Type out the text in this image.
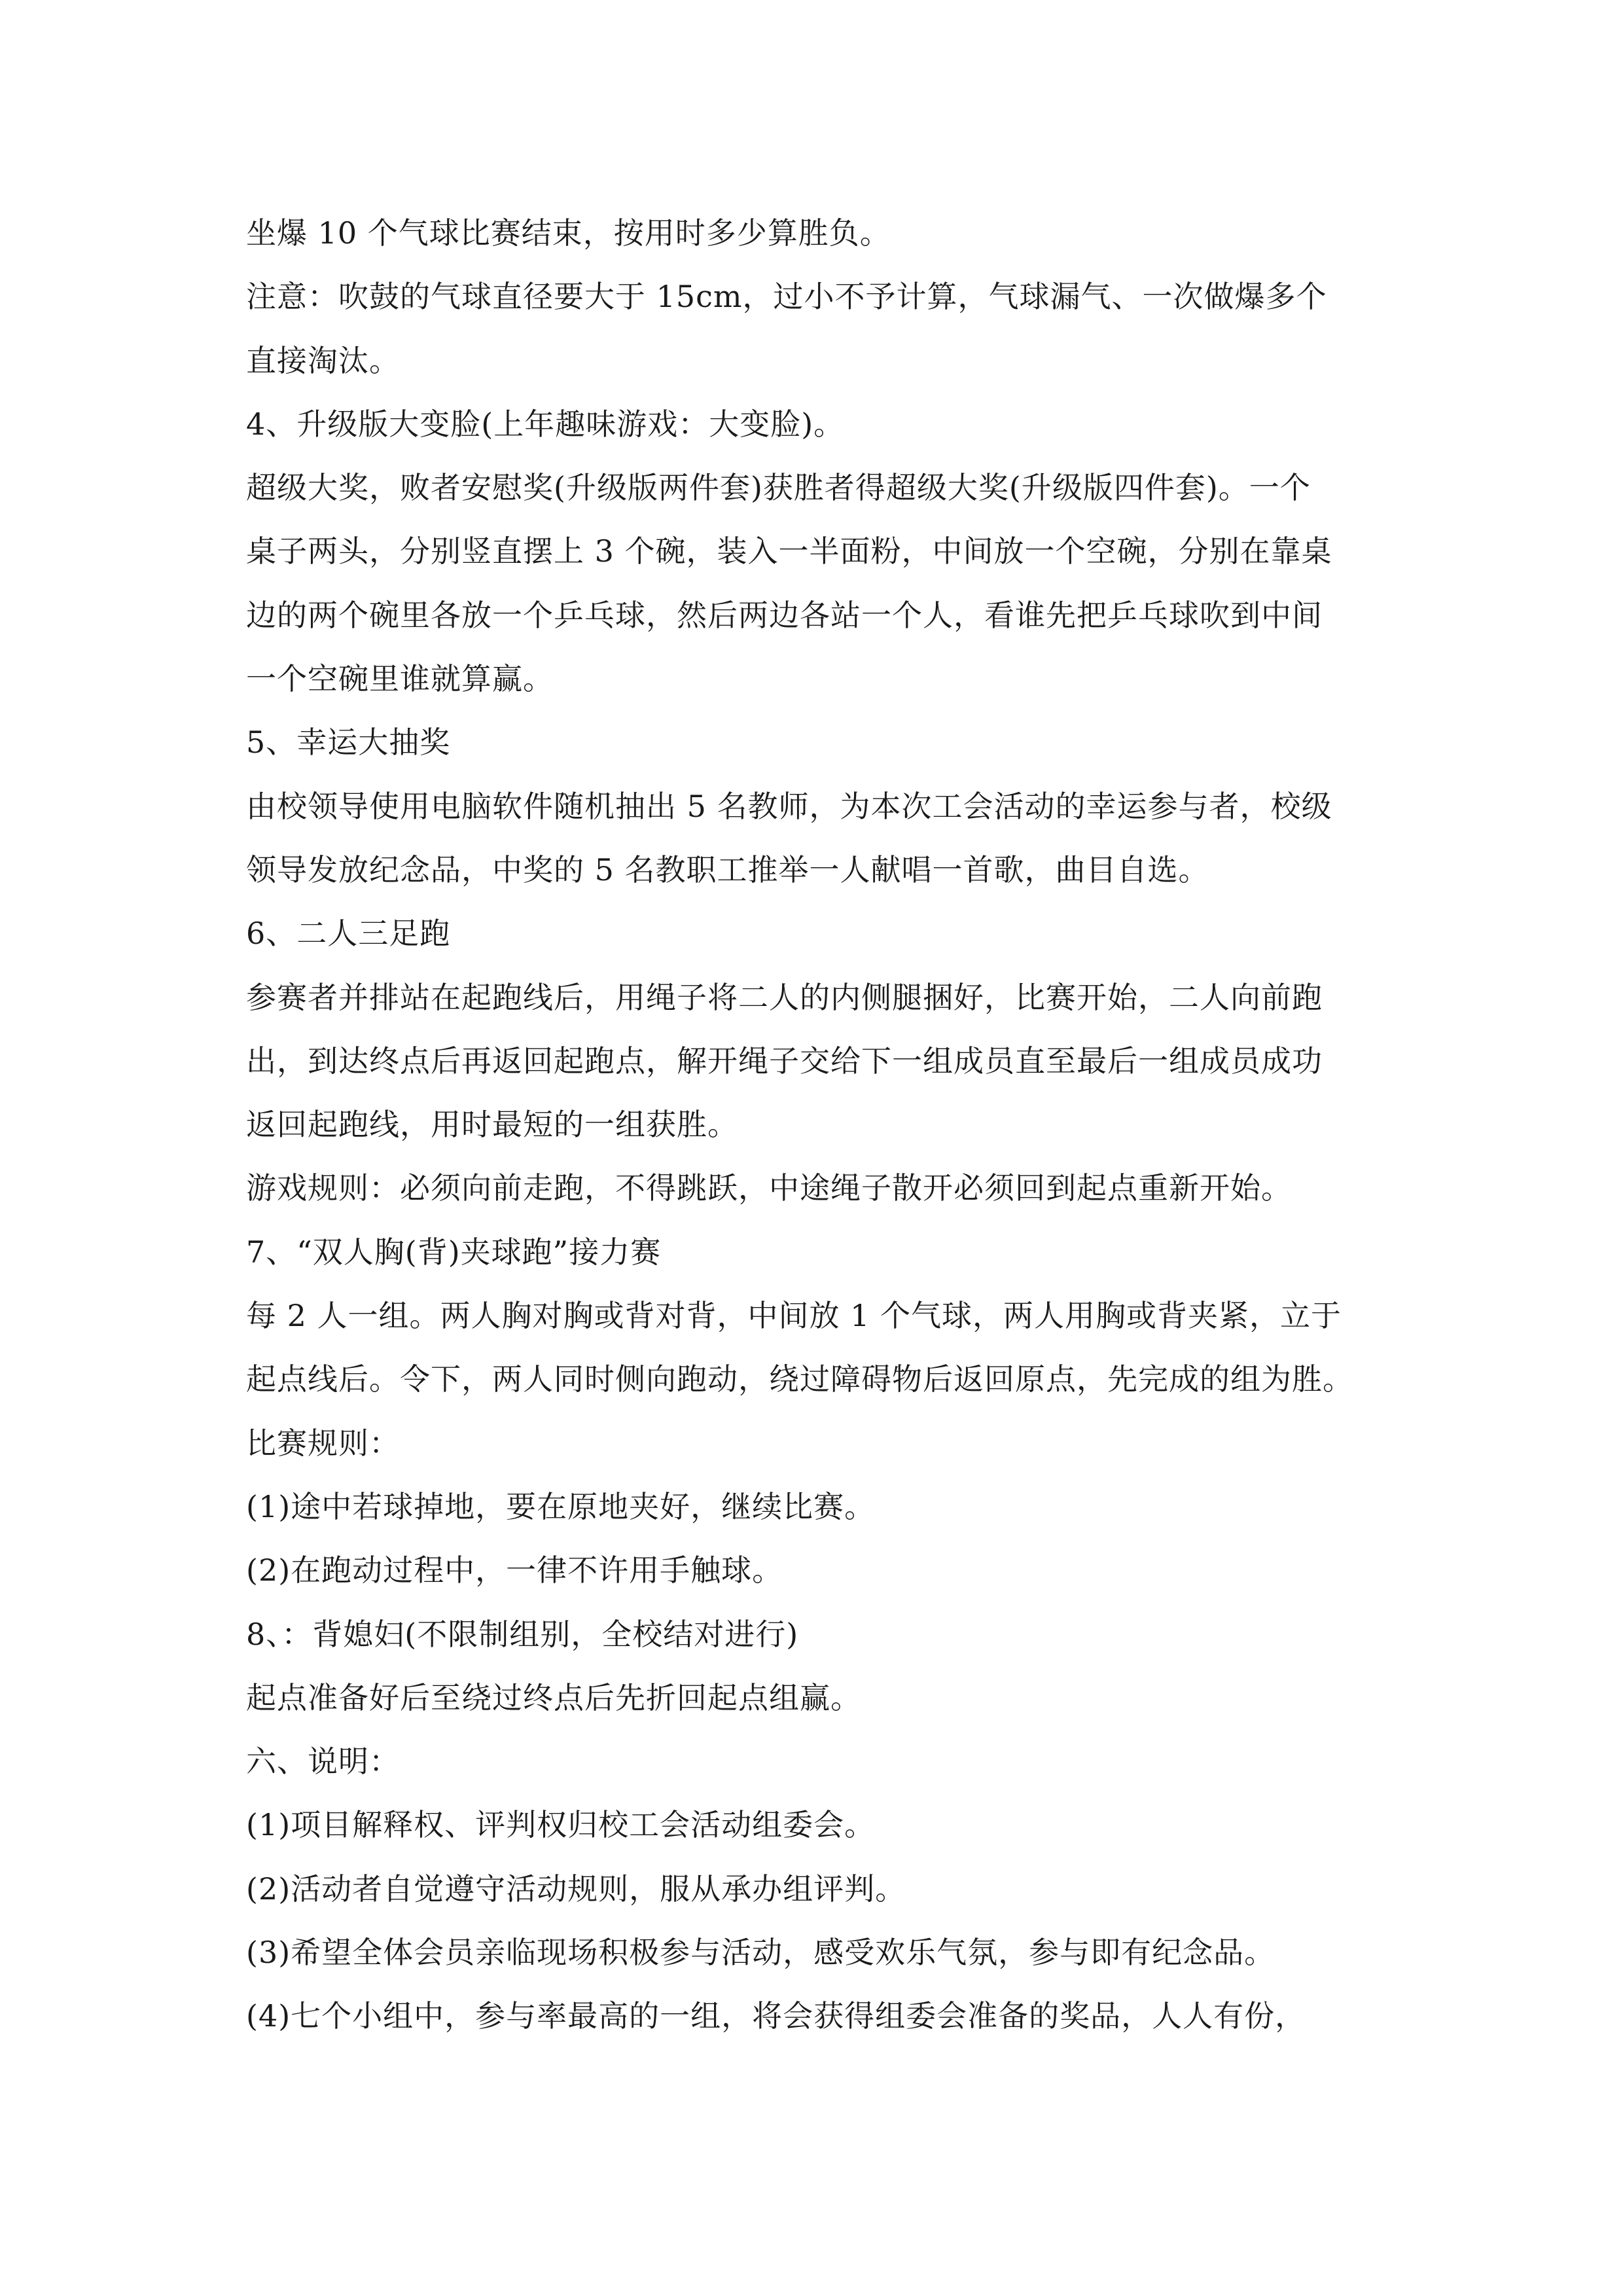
坐爆 10 个气球比赛结束，按用时多少算胜负。
注意：吹鼓的气球直径要大于 15cm，过小不予计算，气球漏气、一次做爆多个
直接淘汰。
4、升级版大变脸(上年趣味游戏：大变脸)。
超级大奖，败者安慰奖(升级版两件套)获胜者得超级大奖(升级版四件套)。一个
桌子两头，分别竖直摆上 3 个碗，装入一半面粉，中间放一个空碗，分别在靠桌
边的两个碗里各放一个乒乓球，然后两边各站一个人，看谁先把乒乓球吹到中间
一个空碗里谁就算赢。
5、幸运大抽奖
由校领导使用电脑软件随机抽出 5 名教师，为本次工会活动的幸运参与者，校级
领导发放纪念品，中奖的 5 名教职工推举一人献唱一首歌，曲目自选。
6、二人三足跑
参赛者并排站在起跑线后，用绳子将二人的内侧腿捆好，比赛开始，二人向前跑
出，到达终点后再返回起跑点，解开绳子交给下一组成员直至最后一组成员成功
返回起跑线，用时最短的一组获胜。
游戏规则：必须向前走跑，不得跳跃，中途绳子散开必须回到起点重新开始。
7、“双人胸(背)夹球跑”接力赛
每 2 人一组。两人胸对胸或背对背，中间放 1 个气球，两人用胸或背夹紧，立于
起点线后。令下，两人同时侧向跑动，绕过障碍物后返回原点，先完成的组为胜。
比赛规则：
(1)途中若球掉地，要在原地夹好，继续比赛。
(2)在跑动过程中，一律不许用手触球。
8、：背媳妇(不限制组别，全校结对进行)
起点准备好后至绕过终点后先折回起点组赢。
六、说明：
(1)项目解释权、评判权归校工会活动组委会。
(2)活动者自觉遵守活动规则，服从承办组评判。
(3)希望全体会员亲临现场积极参与活动，感受欢乐气氛，参与即有纪念品。
(4)七个小组中，参与率最高的一组，将会获得组委会准备的奖品，人人有份，
